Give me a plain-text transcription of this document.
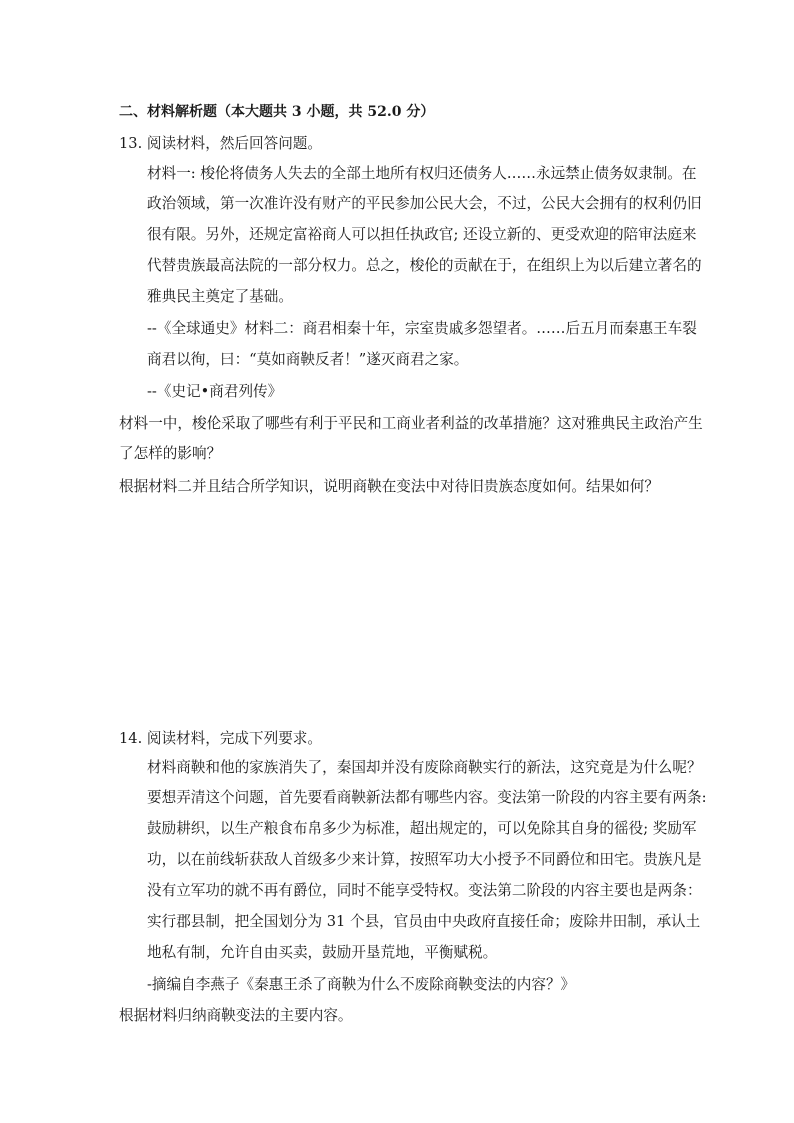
二、材料解析题（本大题共 3 小题，共 52.0 分）
13. 阅读材料，然后回答问题。
材料一: 梭伦将债务人失去的全部土地所有权归还债务人……永远禁止债务奴隶制。在
政治领域，第一次准许没有财产的平民参加公民大会，不过，公民大会拥有的权利仍旧
很有限。另外，还规定富裕商人可以担任执政官; 还设立新的、更受欢迎的陪审法庭来
代替贵族最高法院的一部分权力。总之，梭伦的贡献在于，在组织上为以后建立著名的
雅典民主奠定了基础。
--《全球通史》材料二：商君相秦十年，宗室贵戚多怨望者。……后五月而秦惠王车裂
商君以徇，曰：“莫如商鞅反者！”遂灭商君之家。
--《史记•商君列传》
材料一中，梭伦采取了哪些有利于平民和工商业者利益的改革措施？这对雅典民主政治产生
了怎样的影响？
根据材料二并且结合所学知识，说明商鞅在变法中对待旧贵族态度如何。结果如何？
14. 阅读材料，完成下列要求。
材料商鞅和他的家族消失了，秦国却并没有废除商鞅实行的新法，这究竟是为什么呢？
要想弄清这个问题，首先要看商鞅新法都有哪些内容。变法第一阶段的内容主要有两条:
鼓励耕织，以生产粮食布帛多少为标准，超出规定的，可以免除其自身的徭役; 奖励军
功，以在前线斩获敌人首级多少来计算，按照军功大小授予不同爵位和田宅。贵族凡是
没有立军功的就不再有爵位，同时不能享受特权。变法第二阶段的内容主要也是两条：
实行郡县制，把全国划分为 31 个县，官员由中央政府直接任命；废除井田制，承认土
地私有制，允许自由买卖，鼓励开垦荒地，平衡赋税。
-摘编自李燕子《秦惠王杀了商鞅为什么不废除商鞅变法的内容？》
根据材料归纳商鞅变法的主要内容。
